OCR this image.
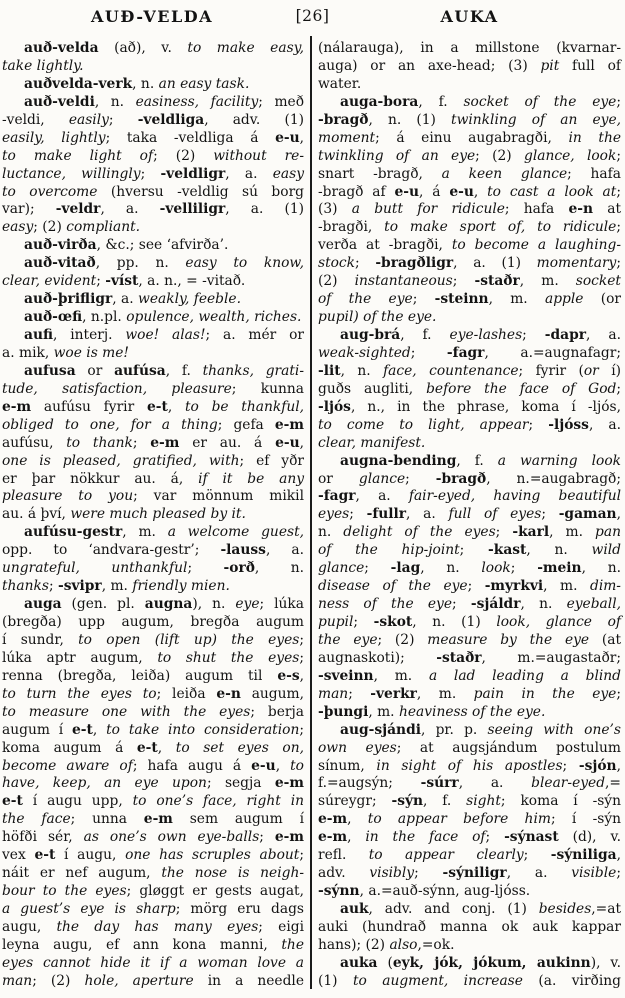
AUÐ-VELDA	[26]	AUKA
auð-velda (að), v. to make easy,
take lightly.
auðvelda-verk, n. an easy task.
auð-veldi, n. easiness, facility; með
-veldi, easily; -veldliga, adv. (1)
easily, lightly; taka -veldliga á e-u,
to make light of; (2) without re-
luctance, willingly; -veldligr, a. easy
to overcome (hversu -veldlig sú borg
var); -veldr, a. -velliligr, a. (1)
easy; (2) compliant.
auð-virða, &c.; see ‘afvirða’.
auð-vitað, pp. n. easy to know,
clear, evident; -víst, a. n., = -vitað.
auð-þrifligr, a. weakly, feeble.
auð-œfi, n.pl. opulence, wealth, riches.
aufi, interj. woe! alas!; a. mér or
a. mik, woe is me!
aufusa or aufúsa, f. thanks, grati-
tude, satisfaction, pleasure; kunna
e-m aufúsu fyrir e-t, to be thankful,
obliged to one, for a thing; gefa e-m
aufúsu, to thank; e-m er au. á e-u,
one is pleased, gratified, with; ef yðr
er þar nökkur au. á, if it be any
pleasure to you; var mönnum mikil
au. á því, were much pleased by it.
aufúsu-gestr, m. a welcome guest,
opp. to ‘andvara-gestr’; -lauss, a.
ungrateful, unthankful; -orð, n.
thanks; -svipr, m. friendly mien.
auga (gen. pl. augna), n. eye; lúka
(bregða) upp augum, bregða augum
í sundr, to open (lift up) the eyes;
lúka aptr augum, to shut the eyes;
renna (bregða, leiða) augum til e-s,
to turn the eyes to; leiða e-n augum,
to measure one with the eyes; berja
augum í e-t, to take into consideration;
koma augum á e-t, to set eyes on,
become aware of; hafa augu á e-u, to
have, keep, an eye upon; segja e-m
e-t í augu upp, to one’s face, right in
the face; unna e-m sem augum í
höfði sér, as one’s own eye-balls; e-m
vex e-t í augu, one has scruples about;
náit er nef augum, the nose is neigh-
bour to the eyes; gløggt er gests augat,
a guest’s eye is sharp; mörg eru dags
augu, the day has many eyes; eigi
leyna augu, ef ann kona manni, the
eyes cannot hide it if a woman love a
man; (2) hole, aperture in a needle
(nálarauga), in a millstone (kvarnar-
auga) or an axe-head; (3) pit full of
water.
auga-bora, f. socket of the eye;
-bragð, n. (1) twinkling of an eye,
moment; á einu augabragði, in the
twinkling of an eye; (2) glance, look;
snart -bragð, a keen glance; hafa
-bragð af e-u, á e-u, to cast a look at;
(3) a butt for ridicule; hafa e-n at
-bragði, to make sport of, to ridicule;
verða at -bragði, to become a laughing-
stock; -bragðligr, a. (1) momentary;
(2) instantaneous; -staðr, m. socket
of the eye; -steinn, m. apple (or
pupil) of the eye.
aug-brá, f. eye-lashes; -dapr, a.
weak-sighted; -fagr, a.=augnafagr;
-lit, n. face, countenance; fyrir (or í)
guðs augliti, before the face of God;
-ljós, n., in the phrase, koma í -ljós,
to come to light, appear; -ljóss, a.
clear, manifest.
augna-bending, f. a warning look
or glance; -bragð, n.=augabragð;
-fagr, a. fair-eyed, having beautiful
eyes; -fullr, a. full of eyes; -gaman,
n. delight of the eyes; -karl, m. pan
of the hip-joint; -kast, n. wild
glance; -lag, n. look; -mein, n.
disease of the eye; -myrkvi, m. dim-
ness of the eye; -sjáldr, n. eyeball,
pupil; -skot, n. (1) look, glance of
the eye; (2) measure by the eye (at
augnaskoti); -staðr, m.=augastaðr;
-sveinn, m. a lad leading a blind
man; -verkr, m. pain in the eye;
-þungi, m. heaviness of the eye.
aug-sjándi, pr. p. seeing with one’s
own eyes; at augsjándum postulum
sínum, in sight of his apostles; -sjón,
f.=augsýn; -súrr, a. blear-eyed,=
súreygr; -sýn, f. sight; koma í -sýn
e-m, to appear before him; í -sýn
e-m, in the face of; -sýnast (d), v.
refl. to appear clearly; -sýniliga,
adv. visibly; -sýniligr, a. visible;
-sýnn, a.=auð-sýnn, aug-ljóss.
auk, adv. and conj. (1) besides,=at
auki (hundrað manna ok auk kappar
hans); (2) also,=ok.
auka (eyk, jók, jókum, aukinn), v.
(1) to augment, increase (a. virðing
